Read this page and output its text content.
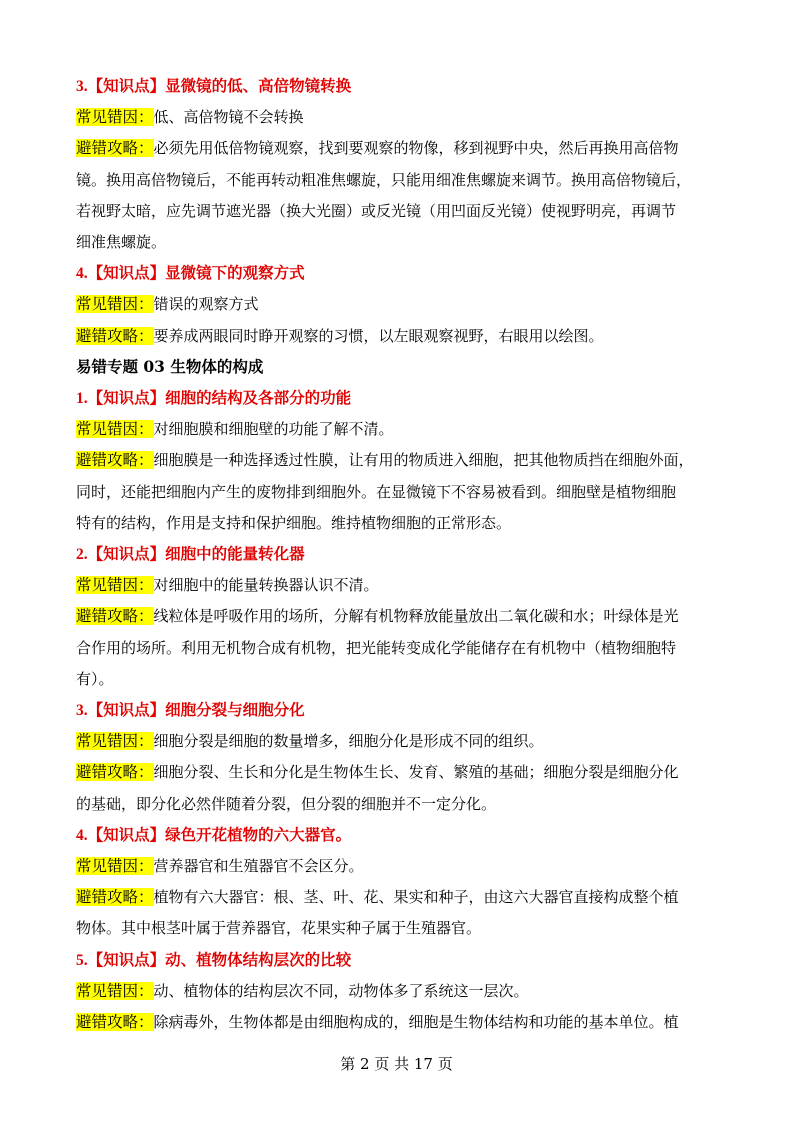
3.【知识点】显微镜的低、高倍物镜转换
常见错因：低、高倍物镜不会转换
避错攻略：必须先用低倍物镜观察，找到要观察的物像，移到视野中央，然后再换用高倍物
镜。换用高倍物镜后，不能再转动粗准焦螺旋，只能用细准焦螺旋来调节。换用高倍物镜后，
若视野太暗，应先调节遮光器（换大光圈）或反光镜（用凹面反光镜）使视野明亮，再调节
细准焦螺旋。
4.【知识点】显微镜下的观察方式
常见错因：错误的观察方式
避错攻略：要养成两眼同时睁开观察的习惯，以左眼观察视野，右眼用以绘图。
易错专题 03 生物体的构成
1.【知识点】细胞的结构及各部分的功能
常见错因：对细胞膜和细胞壁的功能了解不清。
避错攻略：细胞膜是一种选择透过性膜，让有用的物质进入细胞，把其他物质挡在细胞外面，
同时，还能把细胞内产生的废物排到细胞外。在显微镜下不容易被看到。细胞壁是植物细胞
特有的结构，作用是支持和保护细胞。维持植物细胞的正常形态。
2.【知识点】细胞中的能量转化器
常见错因：对细胞中的能量转换器认识不清。
避错攻略：线粒体是呼吸作用的场所，分解有机物释放能量放出二氧化碳和水；叶绿体是光
合作用的场所。利用无机物合成有机物，把光能转变成化学能储存在有机物中（植物细胞特
有）。
3.【知识点】细胞分裂与细胞分化
常见错因：细胞分裂是细胞的数量增多，细胞分化是形成不同的组织。
避错攻略：细胞分裂、生长和分化是生物体生长、发育、繁殖的基础；细胞分裂是细胞分化
的基础，即分化必然伴随着分裂，但分裂的细胞并不一定分化。
4.【知识点】绿色开花植物的六大器官。
常见错因：营养器官和生殖器官不会区分。
避错攻略：植物有六大器官：根、茎、叶、花、果实和种子，由这六大器官直接构成整个植
物体。其中根茎叶属于营养器官，花果实种子属于生殖器官。
5.【知识点】动、植物体结构层次的比较
常见错因：动、植物体的结构层次不同，动物体多了系统这一层次。
避错攻略：除病毒外，生物体都是由细胞构成的，细胞是生物体结构和功能的基本单位。植
第 2 页 共 17 页
